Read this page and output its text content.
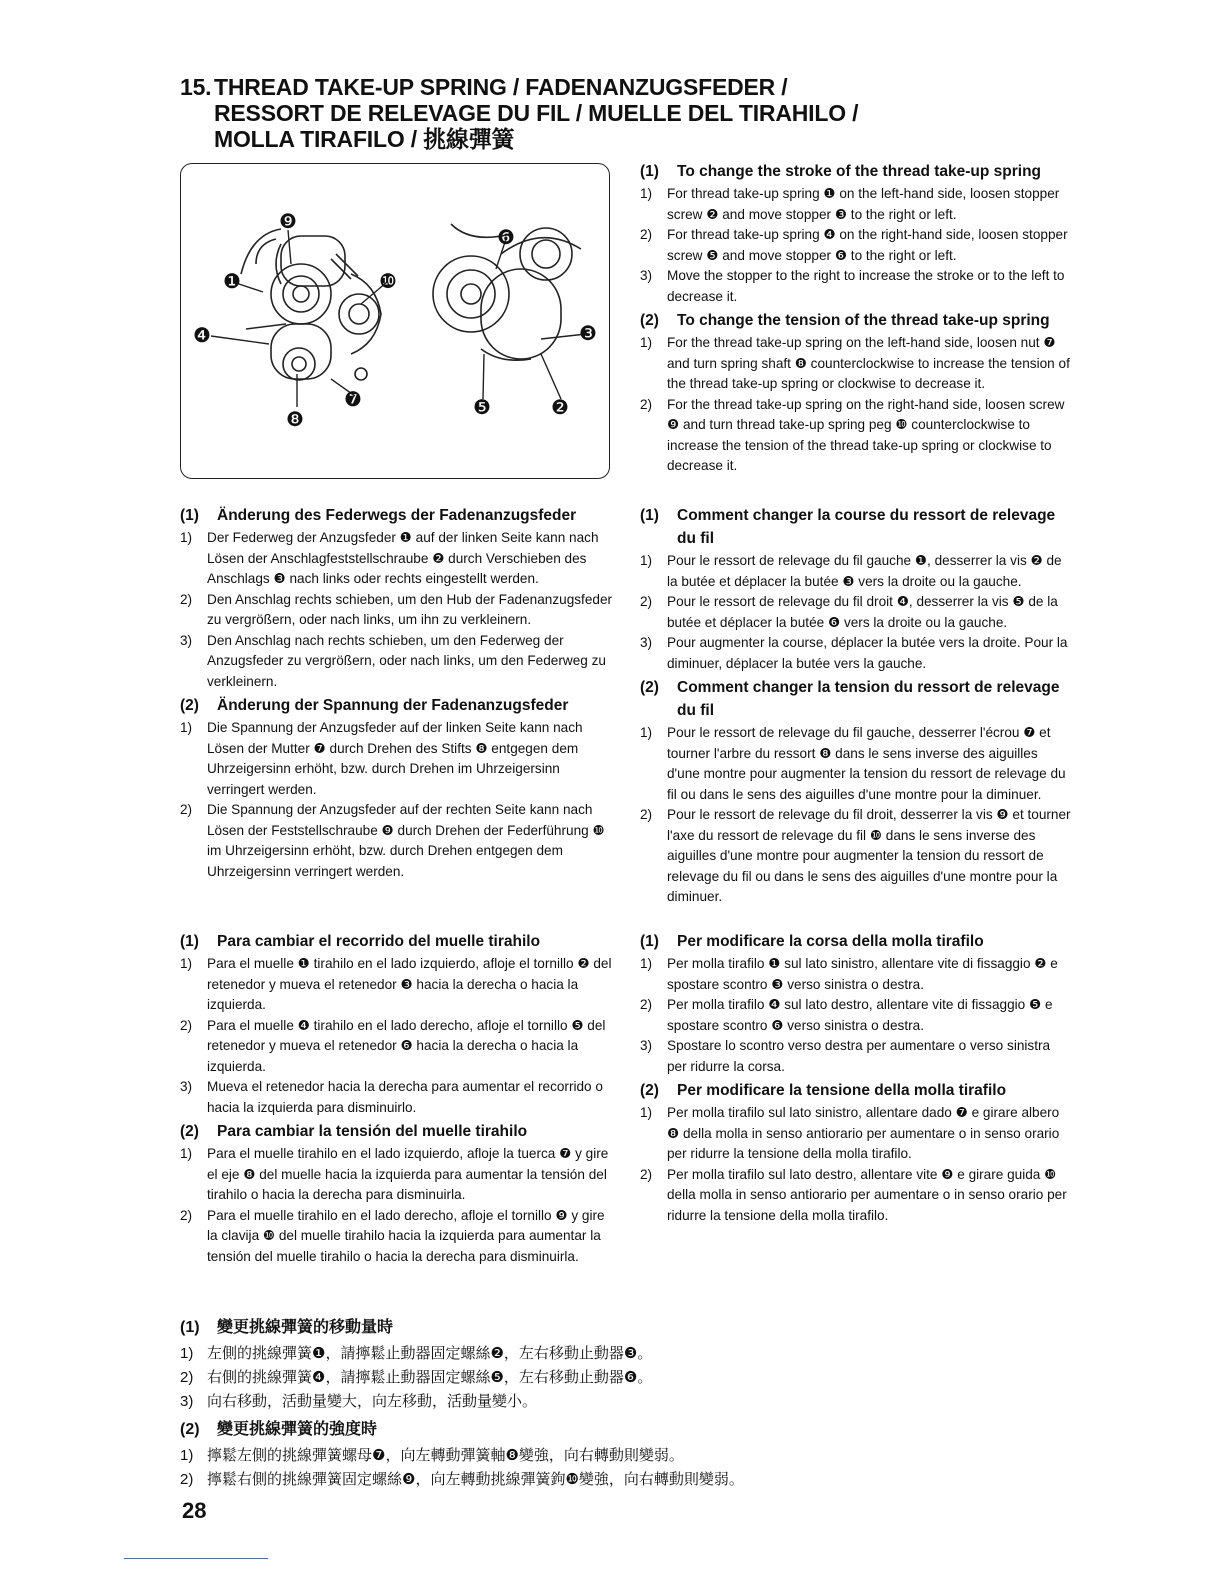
15. THREAD TAKE-UP SPRING / FADENANZUGSFEDER /
RESSORT DE RELEVAGE DU FIL / MUELLE DEL TIRAHILO /
MOLLA TIRAFILO / 挑線彈簧
❶
❷
❸
❹
❺
❻
❼
❽
❾
❿
(1)	To change the stroke of the thread take-up spring
1)	For thread take-up spring ❶ on the left-hand side, loosen stopper screw ❷ and move stopper ❸ to the right or left.
2)	For thread take-up spring ❹ on the right-hand side, loosen stopper screw ❺ and move stopper ❻ to the right or left.
3)	Move the stopper to the right to increase the stroke or to the left to decrease it.
(2)	To change the tension of the thread take-up spring
1)	For the thread take-up spring on the left-hand side, loosen nut ❼ and turn spring shaft ❽ counterclockwise to increase the tension of the thread take-up spring or clockwise to decrease it.
2)	For the thread take-up spring on the right-hand side, loosen screw ❾ and turn thread take-up spring peg ❿ counterclockwise to increase the tension of the thread take-up spring or clockwise to decrease it.
(1)	Änderung des Federwegs der Fadenanzugsfeder
1)	Der Federweg der Anzugsfeder ❶ auf der linken Seite kann nach Lösen der Anschlagfeststellschraube ❷ durch Verschieben des Anschlags ❸ nach links oder rechts eingestellt werden.
2)	Den Anschlag rechts schieben, um den Hub der Fadenanzugsfeder zu vergrößern, oder nach links, um ihn zu verkleinern.
3)	Den Anschlag nach rechts schieben, um den Federweg der Anzugsfeder zu vergrößern, oder nach links, um den Federweg zu verkleinern.
(2)	Änderung der Spannung der Fadenanzugsfeder
1)	Die Spannung der Anzugsfeder auf der linken Seite kann nach Lösen der Mutter ❼ durch Drehen des Stifts ❽ entgegen dem Uhrzeigersinn erhöht, bzw. durch Drehen im Uhrzeigersinn verringert werden.
2)	Die Spannung der Anzugsfeder auf der rechten Seite kann nach Lösen der Feststellschraube ❾ durch Drehen der Federführung ❿ im Uhrzeigersinn erhöht, bzw. durch Drehen entgegen dem Uhrzeigersinn verringert werden.
(1)	Comment changer la course du ressort de relevage du fil
1)	Pour le ressort de relevage du fil gauche ❶, desserrer la vis ❷ de la butée et déplacer la butée ❸ vers la droite ou la gauche.
2)	Pour le ressort de relevage du fil droit ❹, desserrer la vis ❺ de la butée et déplacer la butée ❻ vers la droite ou la gauche.
3)	Pour augmenter la course, déplacer la butée vers la droite. Pour la diminuer, déplacer la butée vers la gauche.
(2)	Comment changer la tension du ressort de relevage du fil
1)	Pour le ressort de relevage du fil gauche, desserrer l'écrou ❼ et tourner l'arbre du ressort ❽ dans le sens inverse des aiguilles d'une montre pour augmenter la tension du ressort de relevage du fil ou dans le sens des aiguilles d'une montre pour la diminuer.
2)	Pour le ressort de relevage du fil droit, desserrer la vis ❾ et tourner l'axe du ressort de relevage du fil ❿ dans le sens inverse des aiguilles d'une montre pour augmenter la tension du ressort de relevage du fil ou dans le sens des aiguilles d'une montre pour la diminuer.
(1)	Para cambiar el recorrido del muelle tirahilo
1)	Para el muelle ❶ tirahilo en el lado izquierdo, afloje el tornillo ❷ del retenedor y mueva el retenedor ❸ hacia la derecha o hacia la izquierda.
2)	Para el muelle ❹ tirahilo en el lado derecho, afloje el tornillo ❺ del retenedor y mueva el retenedor ❻ hacia la derecha o hacia la izquierda.
3)	Mueva el retenedor hacia la derecha para aumentar el recorrido o hacia la izquierda para disminuirlo.
(2)	Para cambiar la tensión del muelle tirahilo
1)	Para el muelle tirahilo en el lado izquierdo, afloje la tuerca ❼ y gire el eje ❽ del muelle hacia la izquierda para aumentar la tensión del tirahilo o hacia la derecha para disminuirla.
2)	Para el muelle tirahilo en el lado derecho, afloje el tornillo ❾ y gire la clavija ❿ del muelle tirahilo hacia la izquierda para aumentar la tensión del muelle tirahilo o hacia la derecha para disminuirla.
(1)	Per modificare la corsa della molla tirafilo
1)	Per molla tirafilo ❶ sul lato sinistro, allentare vite di fissaggio ❷ e spostare scontro ❸ verso sinistra o destra.
2)	Per molla tirafilo ❹ sul lato destro, allentare vite di fissaggio ❺ e spostare scontro ❻ verso sinistra o destra.
3)	Spostare lo scontro verso destra per aumentare o verso sinistra per ridurre la corsa.
(2)	Per modificare la tensione della molla tirafilo
1)	Per molla tirafilo sul lato sinistro, allentare dado ❼ e girare albero ❽ della molla in senso antiorario per aumentare o in senso orario per ridurre la tensione della molla tirafilo.
2)	Per molla tirafilo sul lato destro, allentare vite ❾ e girare guida ❿ della molla in senso antiorario per aumentare o in senso orario per ridurre la tensione della molla tirafilo.
(1)	變更挑線彈簧的移動量時
1) 左側的挑線彈簧❶，請擰鬆止動器固定螺絲❷，左右移動止動器❸。
2) 右側的挑線彈簧❹，請擰鬆止動器固定螺絲❺，左右移動止動器❻。
3) 向右移動，活動量變大，向左移動，活動量變小。
(2)	變更挑線彈簧的強度時
1) 擰鬆左側的挑線彈簧螺母❼，向左轉動彈簧軸❽變強，向右轉動則變弱。
2) 擰鬆右側的挑線彈簧固定螺絲❾，向左轉動挑線彈簧鉤❿變強，向右轉動則變弱。
28
